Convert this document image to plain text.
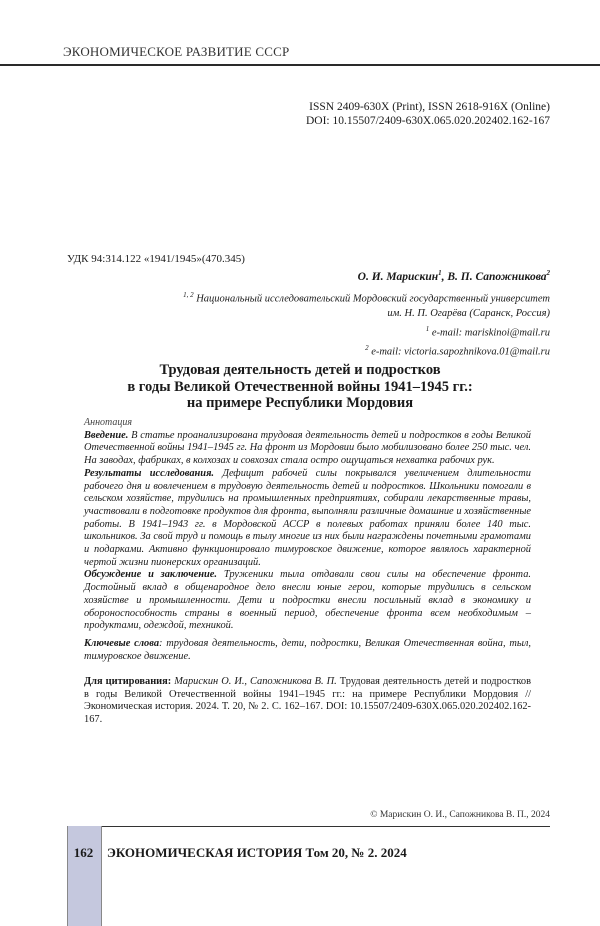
ЭКОНОМИЧЕСКОЕ РАЗВИТИЕ СССР
ISSN 2409-630X (Print), ISSN 2618-916X (Online)
DOI: 10.15507/2409-630X.065.020.202402.162-167
УДК 94:314.122 «1941/1945»(470.345)
О. И. Марискин$^1$, В. П. Сапожникова$^2$
$^{1, 2}$ Национальный исследовательский Мордовский государственный университет
им. Н. П. Огарёва (Саранск, Россия)
$^1$ e-mail: mariskinoi@mail.ru
$^2$ e-mail: victoria.sapozhnikova.01@mail.ru
Трудовая деятельность детей и подростков
в годы Великой Отечественной войны 1941–1945 гг.:
на примере Республики Мордовия

Аннотация

Введение. В статье проанализирована трудовая деятельность детей и подростков в годы Великой Отечественной войны 1941–1945 гг. На фронт из Мордовии было мобилизовано более 250 тыс. чел. На заводах, фабриках, в колхозах и совхозах стала остро ощущаться нехватка рабочих рук.

Результаты исследования. Дефицит рабочей силы покрывался увеличением длительности рабочего дня и вовлечением в трудовую деятельность детей и подростков. Школьники помогали в сельском хозяйстве, трудились на промышленных предприятиях, собирали лекарственные травы, участвовали в подготовке продуктов для фронта, выполняли различные домашние и хозяйственные работы. В 1941–1943 гг. в Мордовской АССР в полевых работах приняли более 140 тыс. школьников. За свой труд и помощь в тылу многие из них были награждены почетными грамотами и подарками. Активно функционировало тимуровское движение, которое являлось характерной чертой жизни пионерских организаций.

Обсуждение и заключение. Труженики тыла отдавали свои силы на обеспечение фронта. Достойный вклад в общенародное дело внесли юные герои, которые трудились в сельском хозяйстве и промышленности. Дети и подростки внесли посильный вклад в экономику и обороноспособность страны в военный период, обеспечение фронта всем необходимым – продуктами, одеждой, техникой.

Ключевые слова: трудовая деятельность, дети, подростки, Великая Отечественная война, тыл, тимуровское движение.

Для цитирования: Марискин О. И., Сапожникова В. П. Трудовая деятельность детей и подростков в годы Великой Отечественной войны 1941–1945 гг.: на примере Республики Мордовия // Экономическая история. 2024. Т. 20, № 2. С. 162–167. DOI: 10.15507/2409-630X.065.020.202402.162-167.

© Марискин О. И., Сапожникова В. П., 2024
162	ЭКОНОМИЧЕСКАЯ ИСТОРИЯ Том 20, № 2. 2024
